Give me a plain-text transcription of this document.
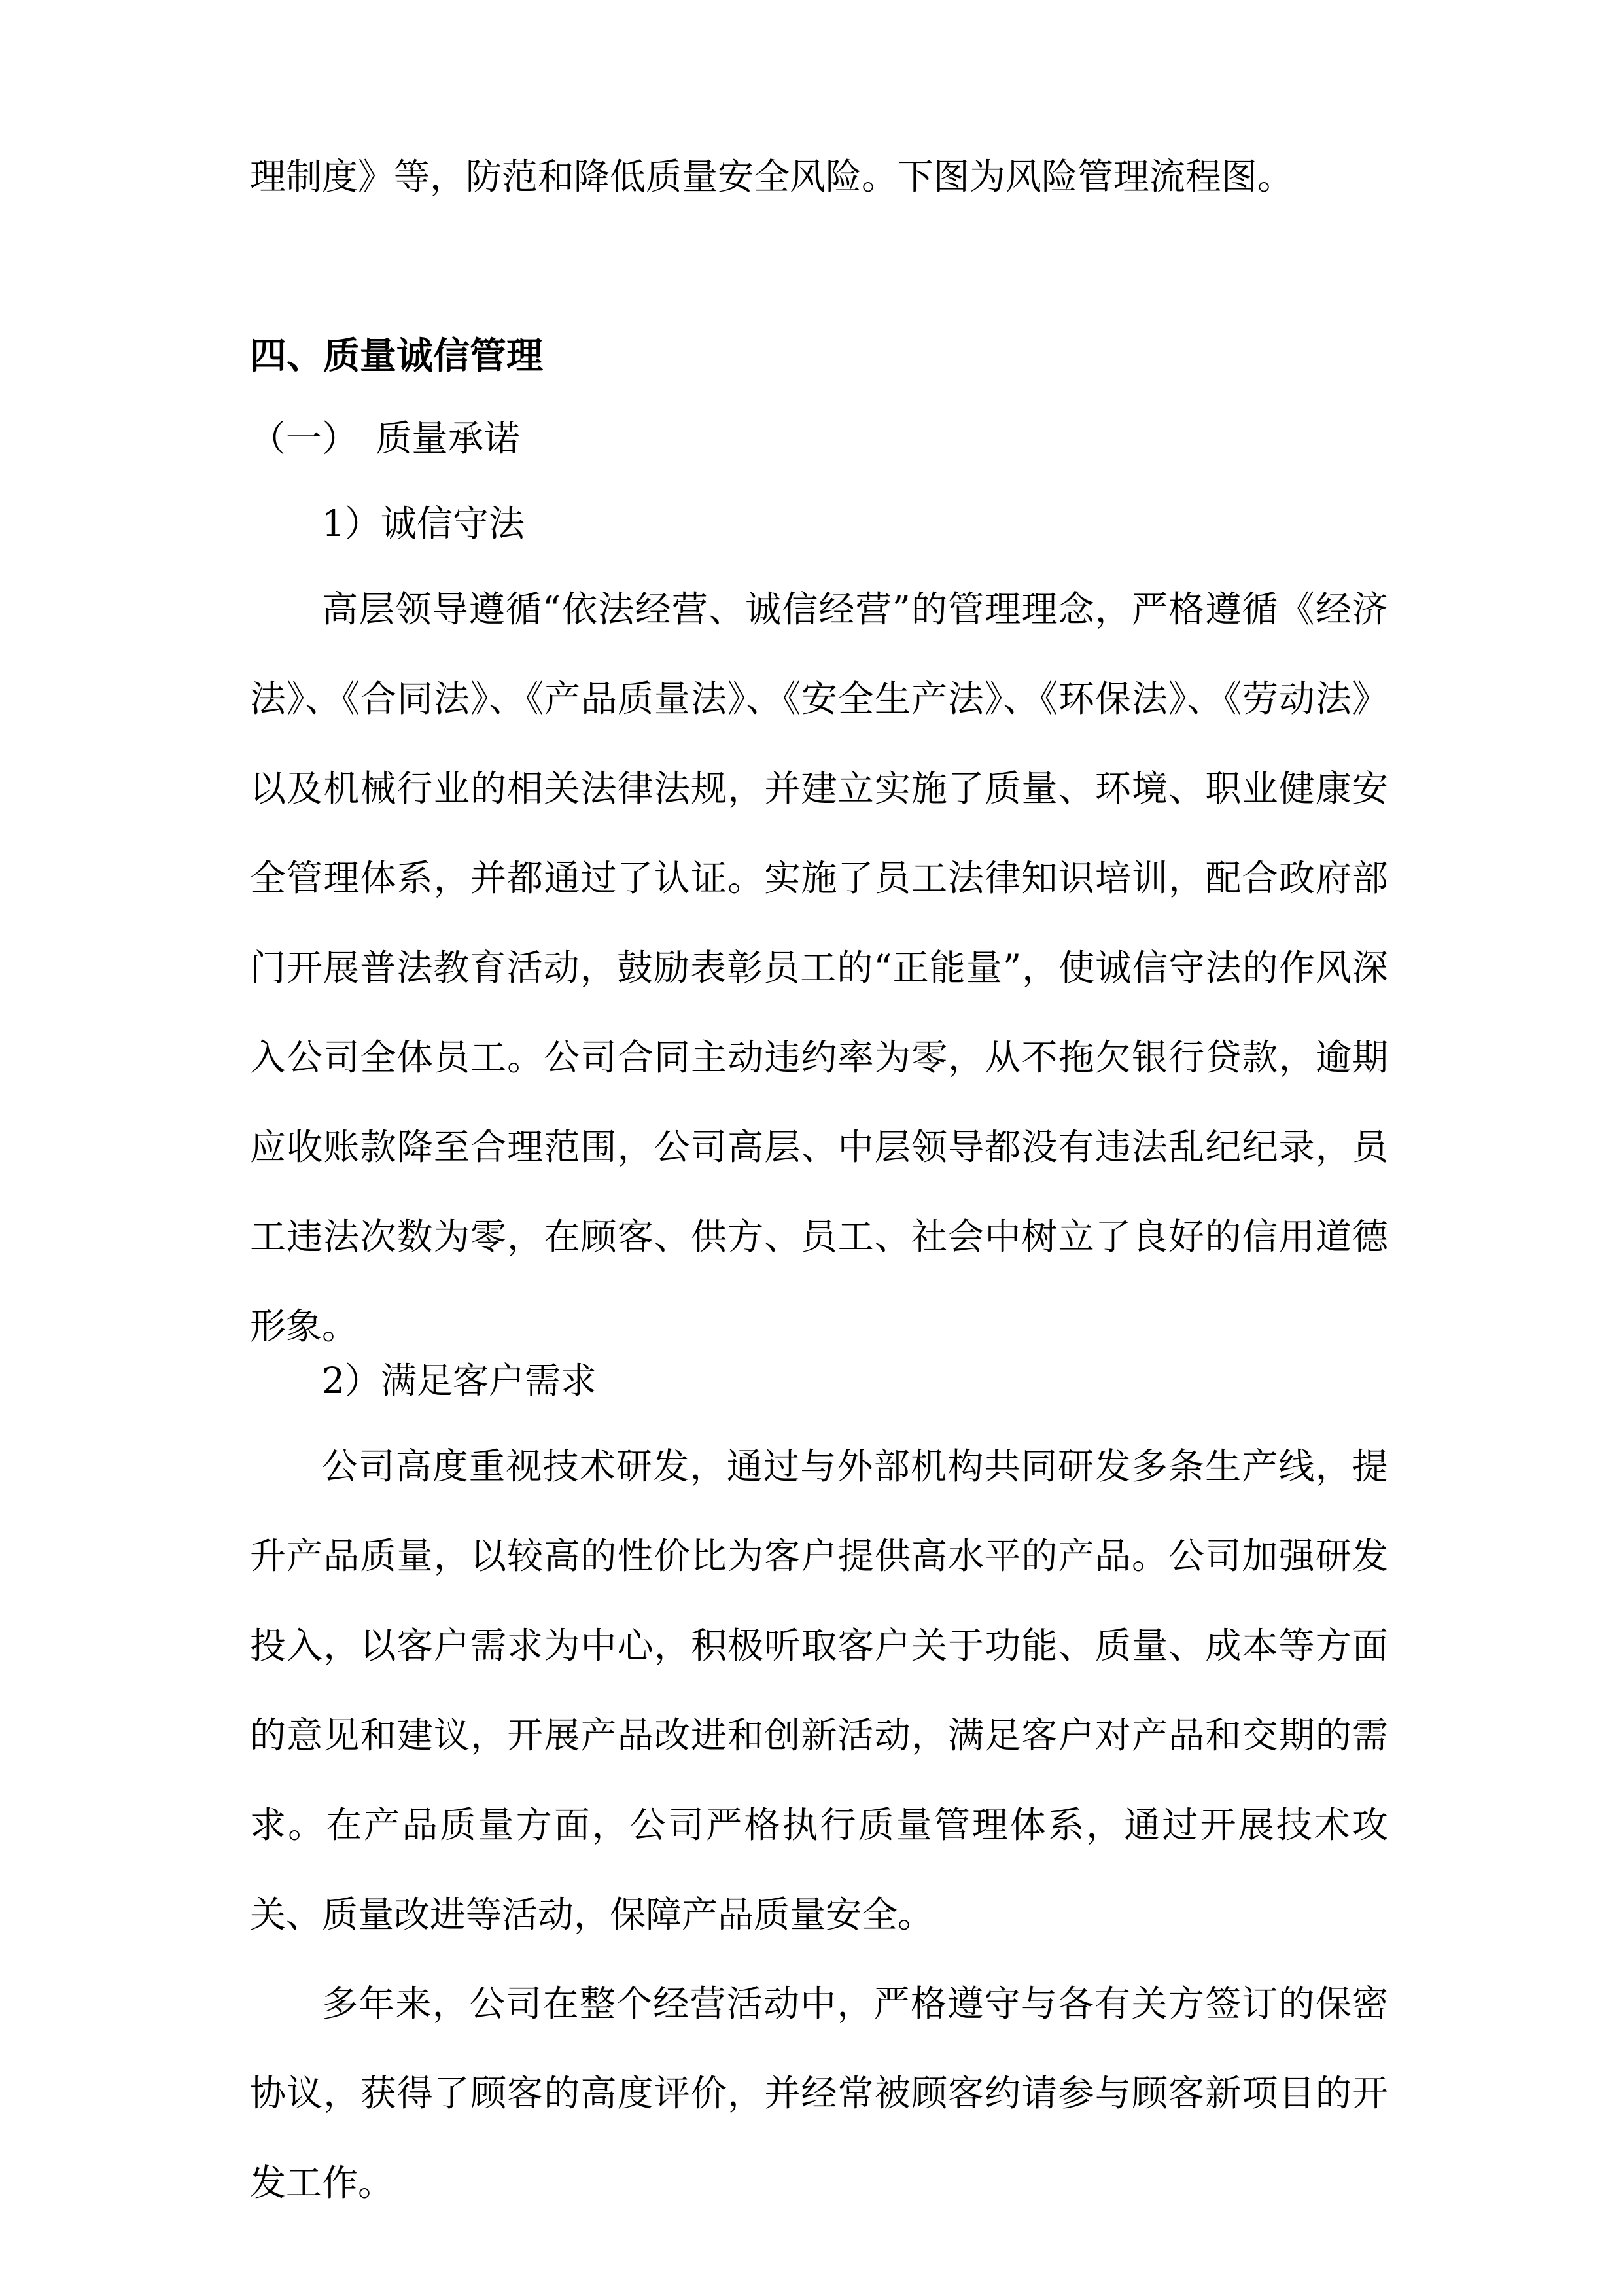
理制度》等，防范和降低质量安全风险。下图为风险管理流程图。
四、质量诚信管理
（一）　质量承诺
1）诚信守法
高层领导遵循“依法经营、诚信经营”的管理理念，严格遵循《经济法》、《合同法》、《产品质量法》、《安全生产法》、《环保法》、《劳动法》以及机械行业的相关法律法规，并建立实施了质量、环境、职业健康安全管理体系，并都通过了认证。实施了员工法律知识培训，配合政府部门开展普法教育活动，鼓励表彰员工的“正能量”，使诚信守法的作风深入公司全体员工。公司合同主动违约率为零，从不拖欠银行贷款，逾期应收账款降至合理范围，公司高层、中层领导都没有违法乱纪纪录，员工违法次数为零，在顾客、供方、员工、社会中树立了良好的信用道德形象。
2）满足客户需求
公司高度重视技术研发，通过与外部机构共同研发多条生产线，提升产品质量，以较高的性价比为客户提供高水平的产品。公司加强研发投入，以客户需求为中心，积极听取客户关于功能、质量、成本等方面的意见和建议，开展产品改进和创新活动，满足客户对产品和交期的需求。在产品质量方面，公司严格执行质量管理体系，通过开展技术攻关、质量改进等活动，保障产品质量安全。
多年来，公司在整个经营活动中，严格遵守与各有关方签订的保密协议，获得了顾客的高度评价，并经常被顾客约请参与顾客新项目的开发工作。
